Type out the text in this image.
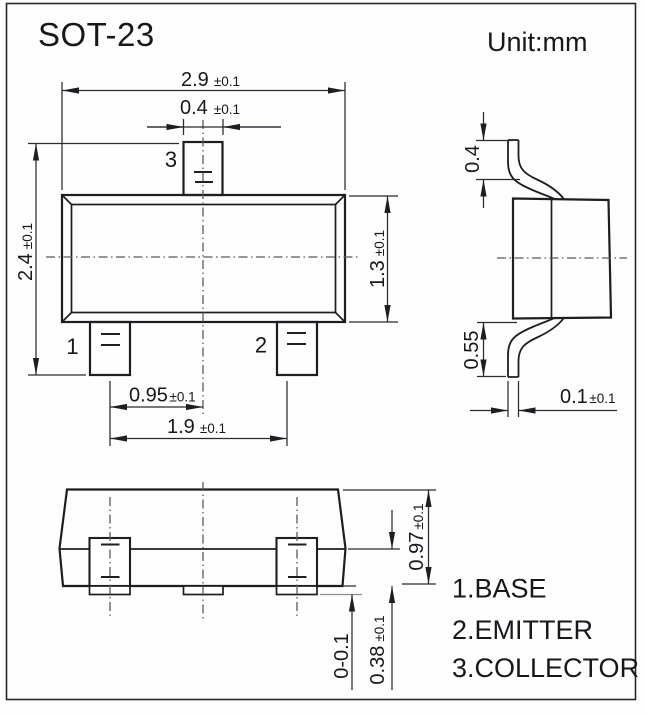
SOT-23	Unit:mm
2.9 ±0.1
0.4 ±0.1
2.4±0.1
1.3±0.1
0.95 ±0.1
1.9 ±0.1
1	2
3	0.4
0.55
0.1 ±0.1
0.97±0.1
0.38±0.1
0-0.1
1.BASE
2.EMITTER
3.COLLECTOR
